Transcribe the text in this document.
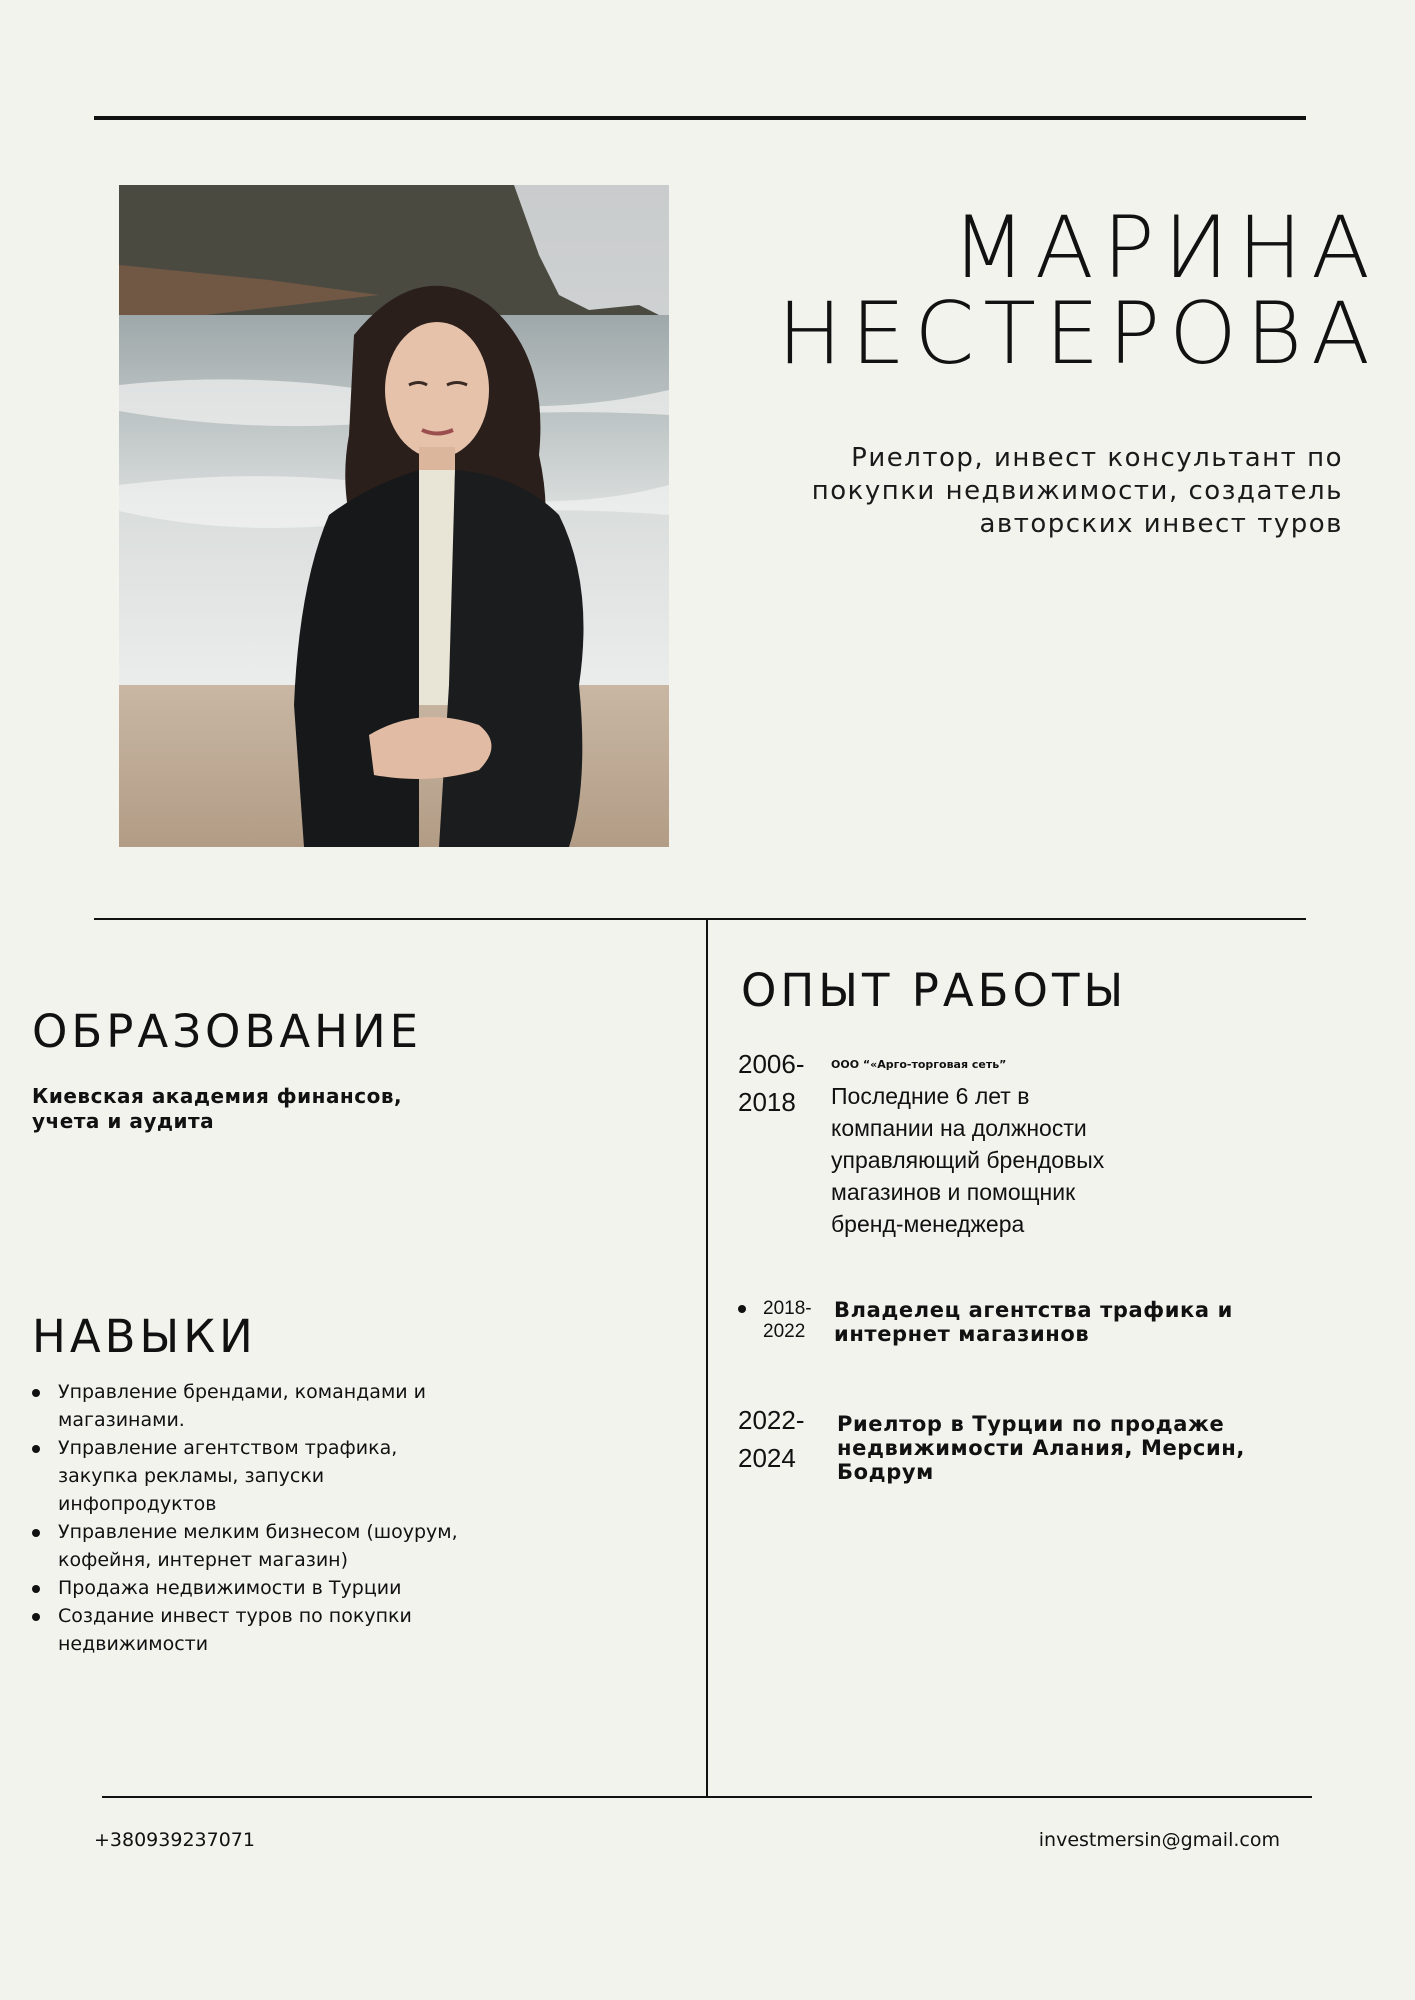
МАРИНА
НЕСТЕРОВА
Риелтор, инвест консультант по покупки недвижимости, создатель авторских инвест туров
ОБРАЗОВАНИЕ
Киевская академия финансов, учета и аудита
НАВЫКИ
Управление брендами, командами и магазинами.
Управление агентством трафика, закупка рекламы, запуски инфопродуктов
Управление мелким бизнесом (шоурум, кофейня, интернет магазин)
Продажа недвижимости в Турции
Создание инвест туров по покупки недвижимости
ОПЫТ РАБОТЫ
2006-2018
ООО “«Арго-торговая сеть”
Последние 6 лет в компании на должности управляющий брендовых магазинов и помощник бренд-менеджера
2018-2022
Владелец агентства трафика и интернет магазинов
2022-2024
Риелтор в Турции по продаже недвижимости Алания, Мерсин, Бодрум
+380939237071	investmersin@gmail.com
